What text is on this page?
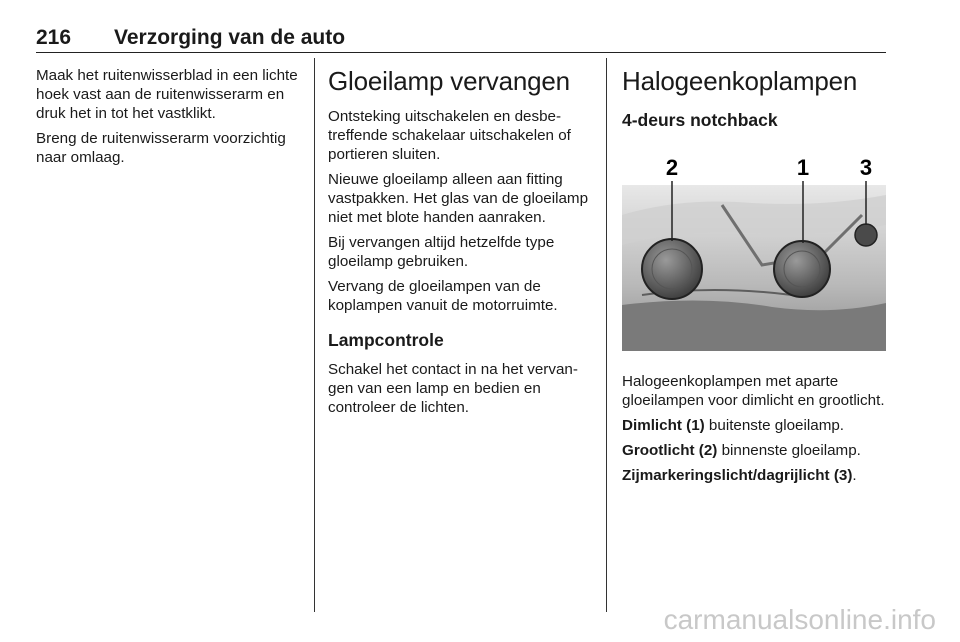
216 Verzorging van de auto

Maak het ruitenwisserblad in een lichte hoek vast aan de ruitenwisserarm en druk het in tot het vastklikt.

Breng de ruitenwisserarm voorzichtig naar omlaag.

Gloeilamp vervangen

Ontsteking uitschakelen en desbetreffende schakelaar uitschakelen of portieren sluiten.

Nieuwe gloeilamp alleen aan fitting vastpakken. Het glas van de gloeilamp niet met blote handen aanraken.

Bij vervangen altijd hetzelfde type gloeilamp gebruiken.

Vervang de gloeilampen van de koplampen vanuit de motorruimte.

Lampcontrole

Schakel het contact in na het vervangen van een lamp en bedien en controleer de lichten.

Halogeenkoplampen
4-deurs notchback
2	1 3

Halogeenkoplampen met aparte gloeilampen voor dimlicht en grootlicht.

Dimlicht (1) buitenste gloeilamp.

Grootlicht (2) binnenste gloeilamp.

Zijmarkeringslicht/dagrijlicht (3).

carmanualsonline.info
